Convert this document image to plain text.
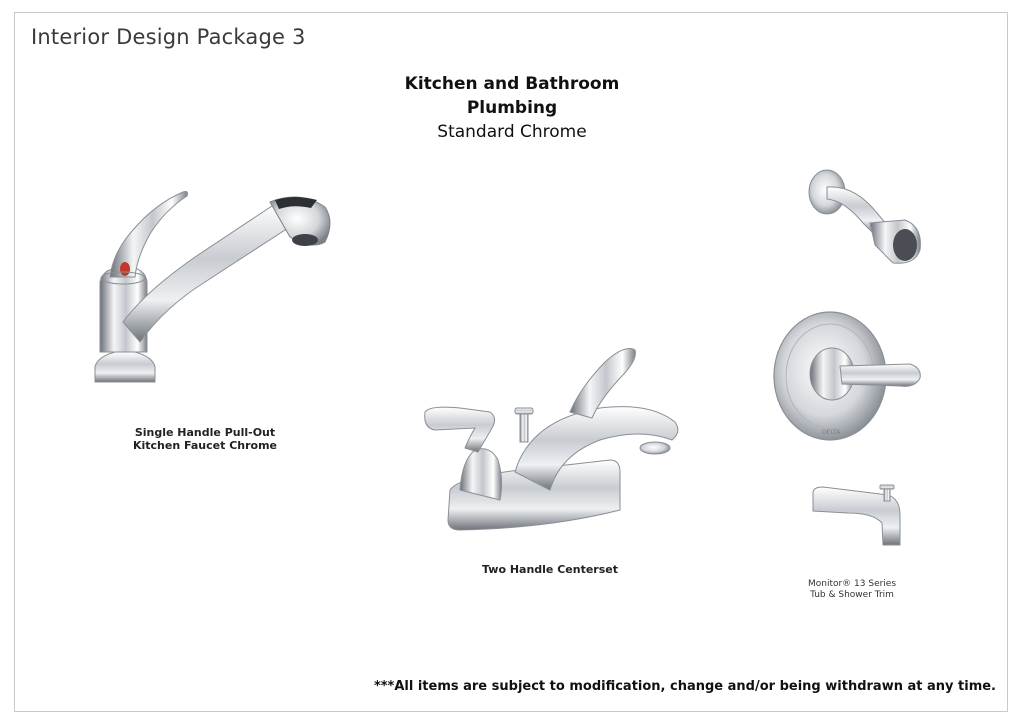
Interior Design Package 3
Kitchen and Bathroom
Plumbing
Standard Chrome
Single Handle Pull-Out
Kitchen Faucet Chrome
Two Handle Centerset
DELTA
Monitor® 13 Series
Tub & Shower Trim
***All items are subject to modification, change and/or being withdrawn at any time.
